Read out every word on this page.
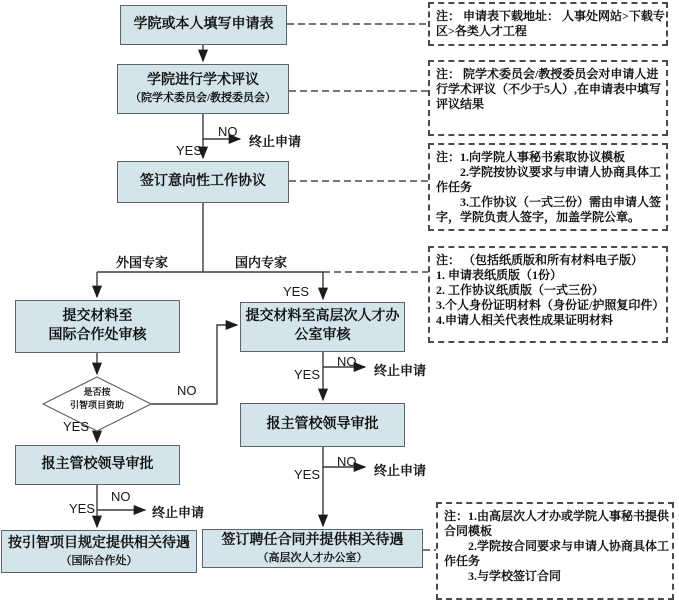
学院或本人填写申请表
学院进行学术评议
（院学术委员会/教授委员会）
签订意向性工作协议
提交材料至
国际合作处审核
提交材料至高层次人才办
公室审核
报主管校领导审批
报主管校领导审批
按引智项目规定提供相关待遇
（国际合作处）
签订聘任合同并提供相关待遇
（高层次人才办公室）
是否按
引智项目资助
NO
YES
终止申请
外国专家	国内专家
YES
NO
YES	终止申请
NO
YES	终止申请
NO
YES
NO
YES	终止申请
注： 申请表下载地址： 人事处网站>下载专
区>各类人才工程
注： 院学术委员会/教授委员会对申请人进
行学术评议（不少于5人）,在申请表中填写
评议结果
注：1.向学院人事秘书索取协议模板
　　2.学院按协议要求与申请人协商具体工
作任务
　　3.工作协议（一式三份）需由申请人签
字，学院负责人签字，加盖学院公章。
注： （包括纸质版和所有材料电子版）
1. 申请表纸质版（1份）
2. 工作协议纸质版（一式三份）
3.个人身份证明材料（身份证/护照复印件）
4.申请人相关代表性成果证明材料
注：1.由高层次人才办或学院人事秘书提供
合同模板
　　2.学院按合同要求与申请人协商具体工
作任务
　　3.与学校签订合同
